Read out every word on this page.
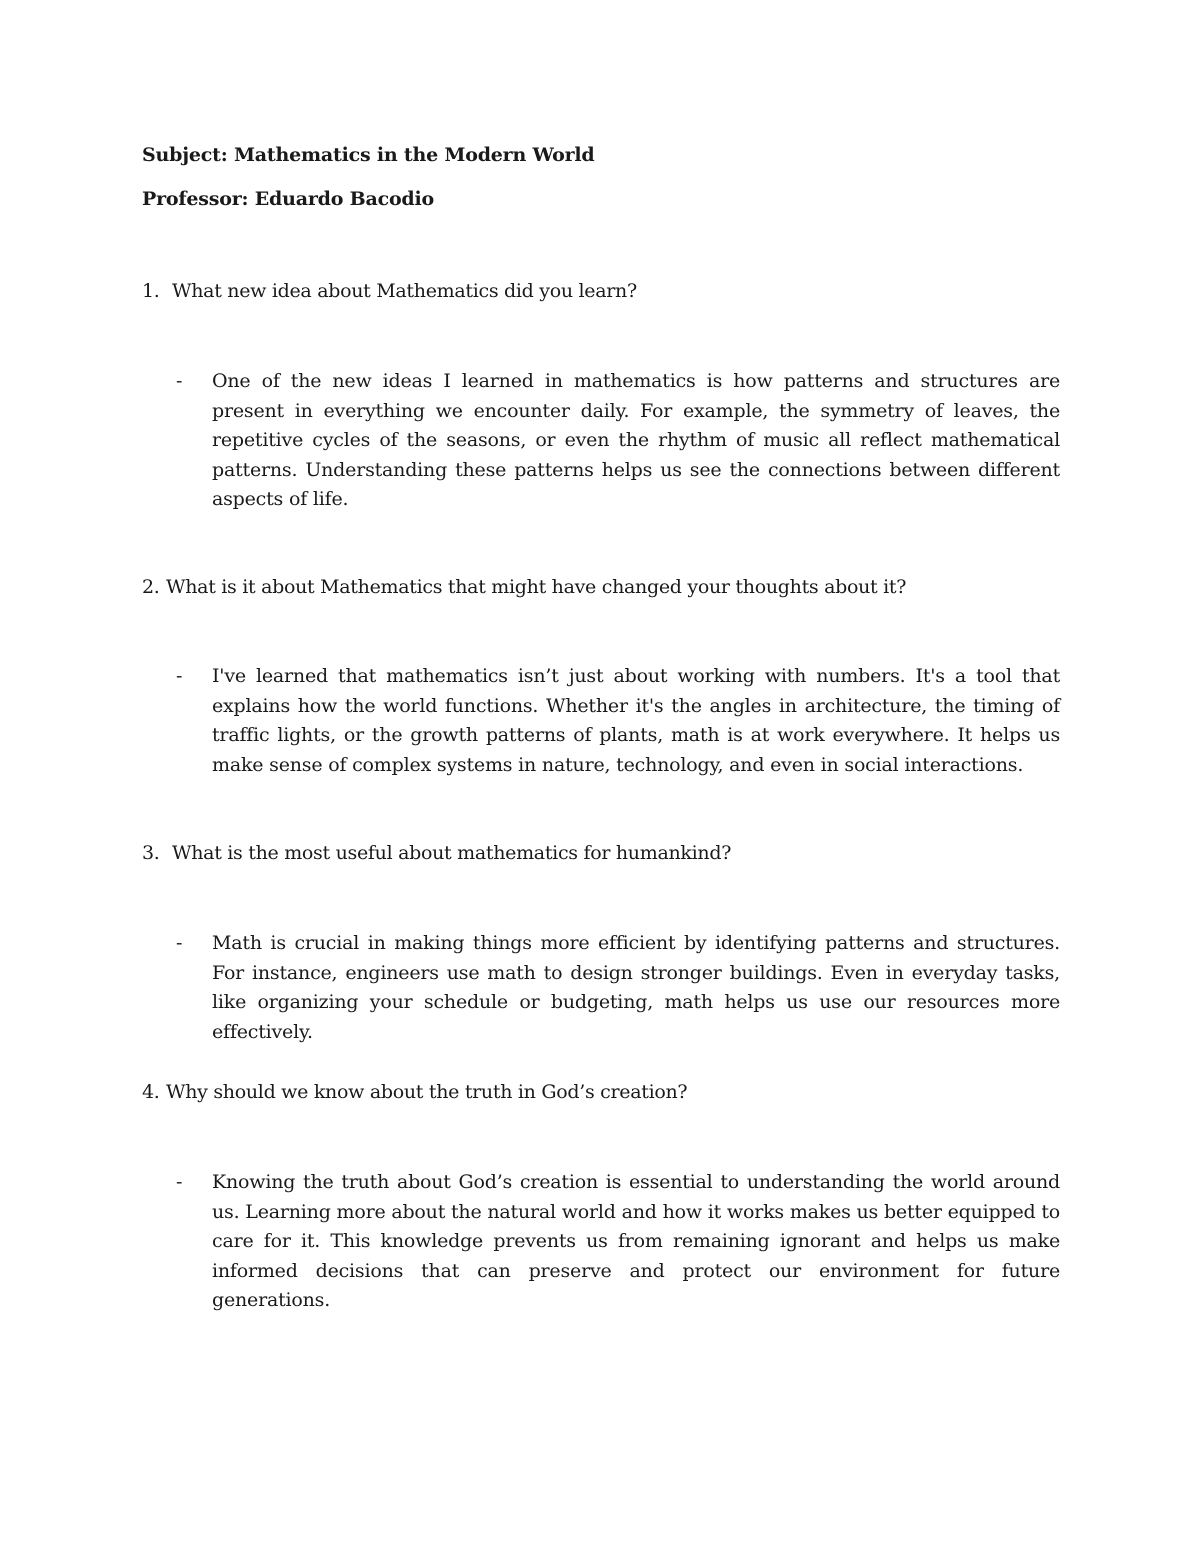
Subject: Mathematics in the Modern World
Professor: Eduardo Bacodio
1. What new idea about Mathematics did you learn?
- One of the new ideas I learned in mathematics is how patterns and structures are present in everything we encounter daily. For example, the symmetry of leaves, the repetitive cycles of the seasons, or even the rhythm of music all reflect mathematical patterns. Understanding these patterns helps us see the connections between different aspects of life.
2. What is it about Mathematics that might have changed your thoughts about it?
- I've learned that mathematics isn’t just about working with numbers. It's a tool that explains how the world functions. Whether it's the angles in architecture, the timing of traffic lights, or the growth patterns of plants, math is at work everywhere. It helps us make sense of complex systems in nature, technology, and even in social interactions.
3. What is the most useful about mathematics for humankind?
- Math is crucial in making things more efficient by identifying patterns and structures. For instance, engineers use math to design stronger buildings. Even in everyday tasks, like organizing your schedule or budgeting, math helps us use our resources more effectively.
4. Why should we know about the truth in God’s creation?
- Knowing the truth about God’s creation is essential to understanding the world around us. Learning more about the natural world and how it works makes us better equipped to care for it. This knowledge prevents us from remaining ignorant and helps us make informed decisions that can preserve and protect our environment for future generations.
